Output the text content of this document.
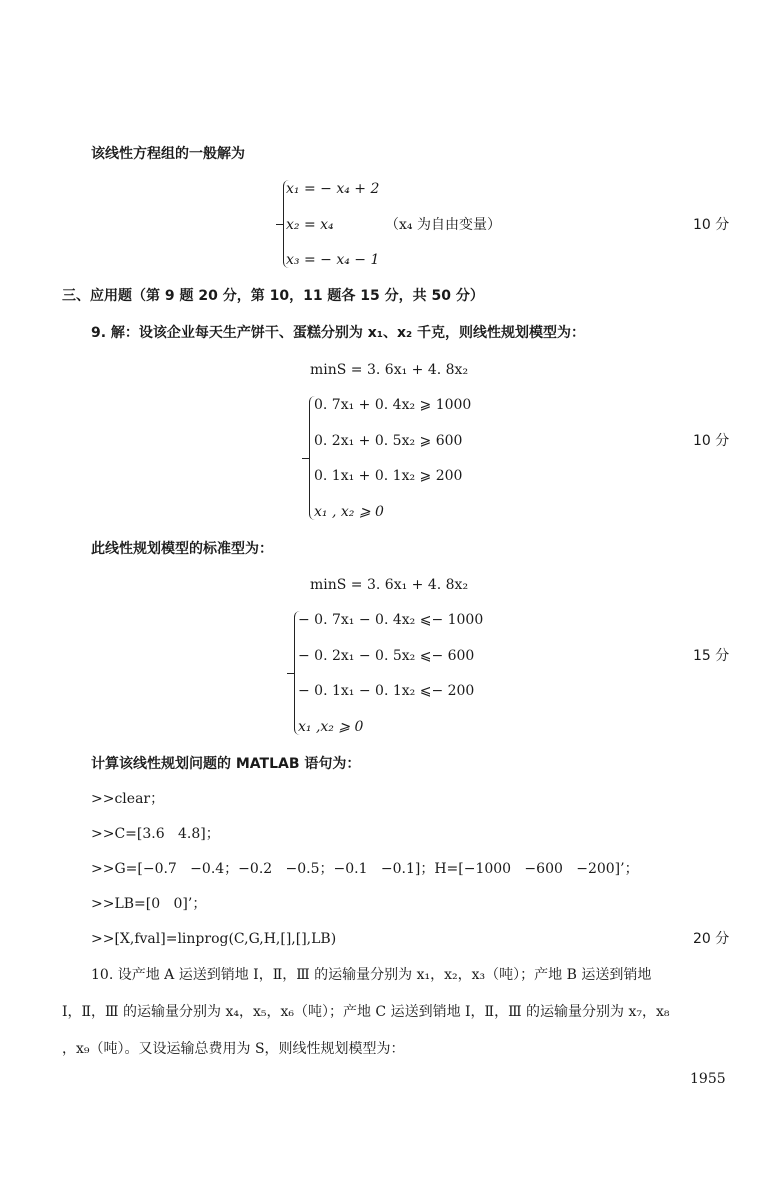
该线性方程组的一般解为
x₁ = − x₄ + 2
x₂ = x₄	（x₄ 为自由变量）
x₃ = − x₄ − 1
10 分
三、应用题（第 9 题 20 分，第 10，11 题各 15 分，共 50 分）
9. 解：设该企业每天生产饼干、蛋糕分别为 x₁、x₂ 千克，则线性规划模型为：
minS = 3. 6x₁ + 4. 8x₂
0. 7x₁ + 0. 4x₂ ⩾ 1000
0. 2x₁ + 0. 5x₂ ⩾ 600
0. 1x₁ + 0. 1x₂ ⩾ 200
x₁ , x₂ ⩾ 0
10 分
此线性规划模型的标准型为：
minS = 3. 6x₁ + 4. 8x₂
− 0. 7x₁ − 0. 4x₂ ⩽− 1000
− 0. 2x₁ − 0. 5x₂ ⩽− 600
− 0. 1x₁ − 0. 1x₂ ⩽− 200
x₁ ,x₂ ⩾ 0
15 分
计算该线性规划问题的 MATLAB 语句为：
>>clear；
>>C=[3.6   4.8]；
>>G=[−0.7   −0.4；−0.2   −0.5；−0.1   −0.1]；H=[−1000   −600   −200]’；
>>LB=[0   0]’；
>>[X,fval]=linprog(C,G,H,[],[],LB)	20 分
10. 设产地 A 运送到销地 Ⅰ，Ⅱ，Ⅲ 的运输量分别为 x₁，x₂，x₃（吨）；产地 B 运送到销地
Ⅰ，Ⅱ，Ⅲ 的运输量分别为 x₄，x₅，x₆（吨）；产地 C 运送到销地 Ⅰ，Ⅱ，Ⅲ 的运输量分别为 x₇，x₈
，x₉（吨）。又设运输总费用为 S，则线性规划模型为：
1955
